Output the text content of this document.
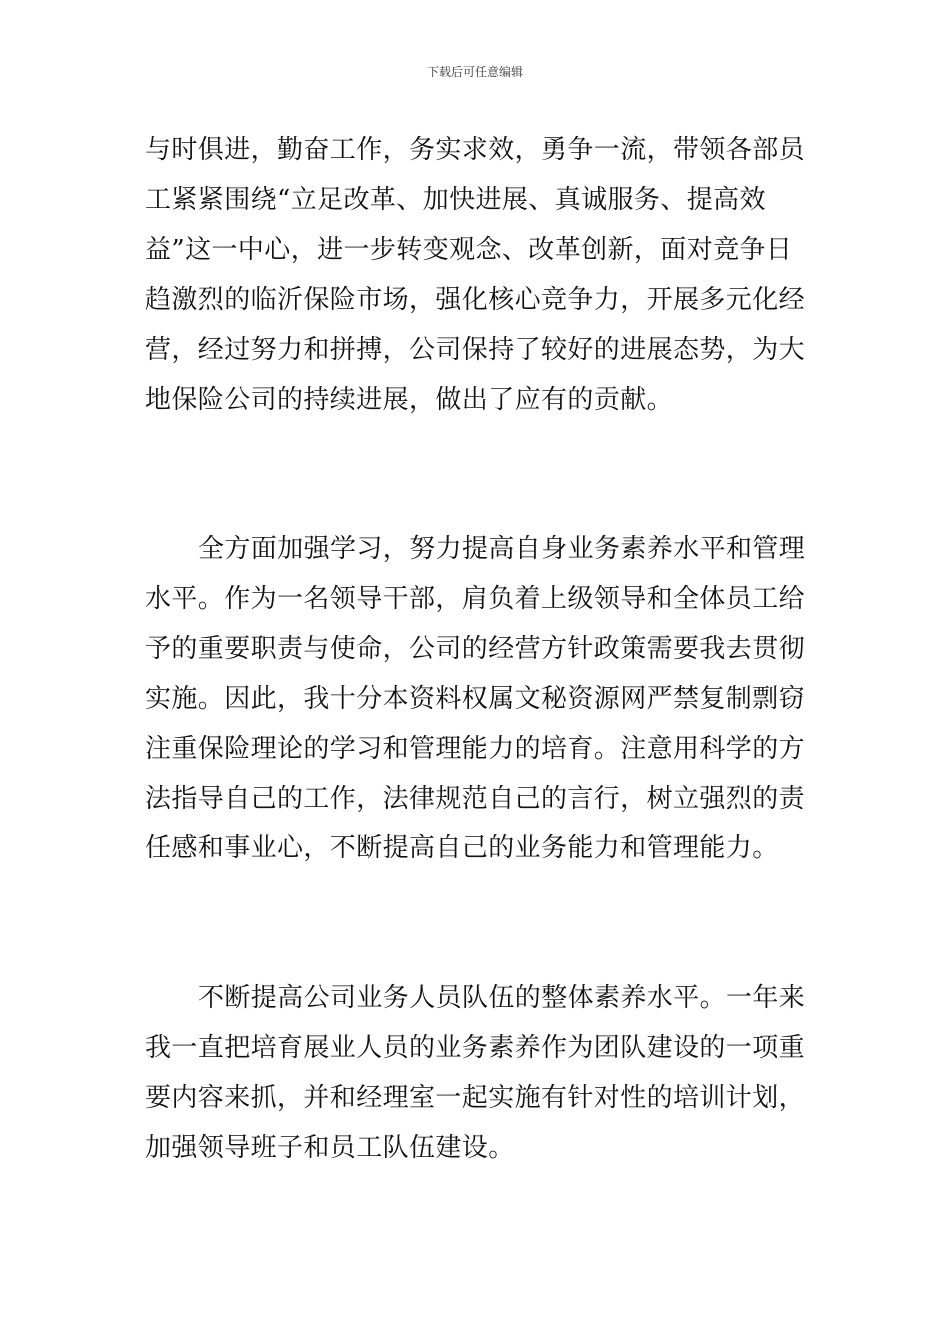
下载后可任意编辑
与时俱进，勤奋工作，务实求效，勇争一流，带领各部员
工紧紧围绕“立足改革、加快进展、真诚服务、提高效
益”这一中心，进一步转变观念、改革创新，面对竞争日
趋激烈的临沂保险市场，强化核心竞争力，开展多元化经
营，经过努力和拼搏，公司保持了较好的进展态势，为大
地保险公司的持续进展，做出了应有的贡献。
全方面加强学习，努力提高自身业务素养水平和管理
水平。作为一名领导干部，肩负着上级领导和全体员工给
予的重要职责与使命，公司的经营方针政策需要我去贯彻
实施。因此，我十分本资料权属文秘资源网严禁复制剽窃
注重保险理论的学习和管理能力的培育。注意用科学的方
法指导自己的工作，法律规范自己的言行，树立强烈的责
任感和事业心，不断提高自己的业务能力和管理能力。
不断提高公司业务人员队伍的整体素养水平。一年来
我一直把培育展业人员的业务素养作为团队建设的一项重
要内容来抓，并和经理室一起实施有针对性的培训计划，
加强领导班子和员工队伍建设。
